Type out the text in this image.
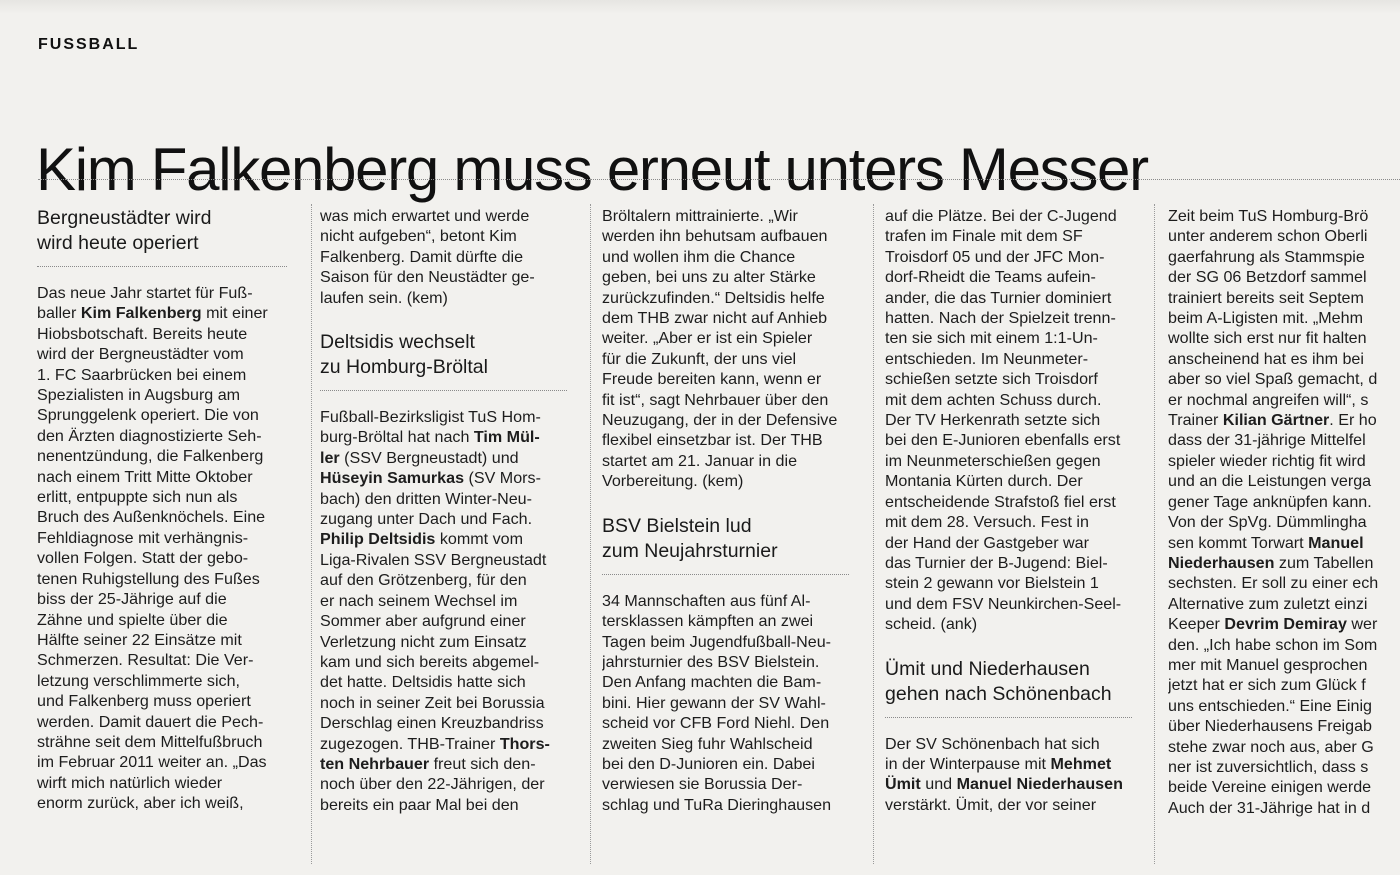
FUSSBALL
Kim Falkenberg muss erneut unters Messer
Bergneustädter wird
wird heute operiert

Das neue Jahr startet für Fuß-
baller Kim Falkenberg mit einer
Hiobsbotschaft. Bereits heute
wird der Bergneustädter vom
1. FC Saarbrücken bei einem
Spezialisten in Augsburg am
Sprunggelenk operiert. Die von
den Ärzten diagnostizierte Seh-
nenentzündung, die Falkenberg
nach einem Tritt Mitte Oktober
erlitt, entpuppte sich nun als
Bruch des Außenknöchels. Eine
Fehldiagnose mit verhängnis-
vollen Folgen. Statt der gebo-
tenen Ruhigstellung des Fußes
biss der 25-Jährige auf die
Zähne und spielte über die
Hälfte seiner 22 Einsätze mit
Schmerzen. Resultat: Die Ver-
letzung verschlimmerte sich,
und Falkenberg muss operiert
werden. Damit dauert die Pech-
strähne seit dem Mittelfußbruch
im Februar 2011 weiter an. „Das
wirft mich natürlich wieder
enorm zurück, aber ich weiß,

was mich erwartet und werde
nicht aufgeben“, betont Kim
Falkenberg. Damit dürfte die
Saison für den Neustädter ge-
laufen sein. (kem)

Deltsidis wechselt
zu Homburg-Bröltal

Fußball-Bezirksligist TuS Hom-
burg-Bröltal hat nach Tim Mül-
ler (SSV Bergneustadt) und
Hüseyin Samurkas (SV Mors-
bach) den dritten Winter-Neu-
zugang unter Dach und Fach.
Philip Deltsidis kommt vom
Liga-Rivalen SSV Bergneustadt
auf den Grötzenberg, für den
er nach seinem Wechsel im
Sommer aber aufgrund einer
Verletzung nicht zum Einsatz
kam und sich bereits abgemel-
det hatte. Deltsidis hatte sich
noch in seiner Zeit bei Borussia
Derschlag einen Kreuzbandriss
zugezogen. THB-Trainer Thors-
ten Nehrbauer freut sich den-
noch über den 22-Jährigen, der
bereits ein paar Mal bei den

Bröltalern mittrainierte. „Wir
werden ihn behutsam aufbauen
und wollen ihm die Chance
geben, bei uns zu alter Stärke
zurückzufinden.“ Deltsidis helfe
dem THB zwar nicht auf Anhieb
weiter. „Aber er ist ein Spieler
für die Zukunft, der uns viel
Freude bereiten kann, wenn er
fit ist“, sagt Nehrbauer über den
Neuzugang, der in der Defensive
flexibel einsetzbar ist. Der THB
startet am 21. Januar in die
Vorbereitung. (kem)

BSV Bielstein lud
zum Neujahrsturnier

34 Mannschaften aus fünf Al-
tersklassen kämpften an zwei
Tagen beim Jugendfußball-Neu-
jahrsturnier des BSV Bielstein.
Den Anfang machten die Bam-
bini. Hier gewann der SV Wahl-
scheid vor CFB Ford Niehl. Den
zweiten Sieg fuhr Wahlscheid
bei den D-Junioren ein. Dabei
verwiesen sie Borussia Der-
schlag und TuRa Dieringhausen

auf die Plätze. Bei der C-Jugend
trafen im Finale mit dem SF
Troisdorf 05 und der JFC Mon-
dorf-Rheidt die Teams aufein-
ander, die das Turnier dominiert
hatten. Nach der Spielzeit trenn-
ten sie sich mit einem 1:1-Un-
entschieden. Im Neunmeter-
schießen setzte sich Troisdorf
mit dem achten Schuss durch.
Der TV Herkenrath setzte sich
bei den E-Junioren ebenfalls erst
im Neunmeterschießen gegen
Montania Kürten durch. Der
entscheidende Strafstoß fiel erst
mit dem 28. Versuch. Fest in
der Hand der Gastgeber war
das Turnier der B-Jugend: Biel-
stein 2 gewann vor Bielstein 1
und dem FSV Neunkirchen-Seel-
scheid. (ank)

Ümit und Niederhausen
gehen nach Schönenbach

Der SV Schönenbach hat sich
in der Winterpause mit Mehmet
Ümit und Manuel Niederhausen
verstärkt. Ümit, der vor seiner

Zeit beim TuS Homburg-Brö
unter anderem schon Oberli
gaerfahrung als Stammspie
der SG 06 Betzdorf sammel
trainiert bereits seit Septem
beim A-Ligisten mit. „Mehm
wollte sich erst nur fit halten
anscheinend hat es ihm bei
aber so viel Spaß gemacht, d
er nochmal angreifen will“, s
Trainer Kilian Gärtner. Er ho
dass der 31-jährige Mittelfel
spieler wieder richtig fit wird
und an die Leistungen verga
gener Tage anknüpfen kann.
Von der SpVg. Dümmlingha
sen kommt Torwart Manuel
Niederhausen zum Tabellen
sechsten. Er soll zu einer ech
Alternative zum zuletzt einzi
Keeper Devrim Demiray wer
den. „Ich habe schon im Som
mer mit Manuel gesprochen
jetzt hat er sich zum Glück f
uns entschieden.“ Eine Einig
über Niederhausens Freigab
stehe zwar noch aus, aber G
ner ist zuversichtlich, dass s
beide Vereine einigen werde
Auch der 31-Jährige hat in d
